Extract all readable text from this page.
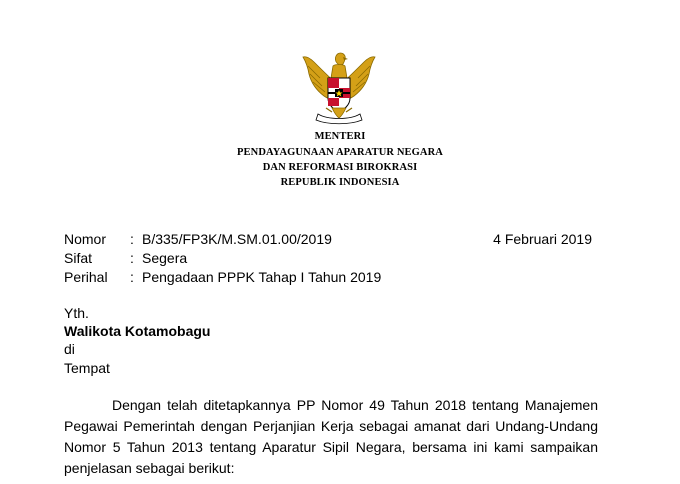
MENTERI
PENDAYAGUNAAN APARATUR NEGARA
DAN REFORMASI BIROKRASI
REPUBLIK INDONESIA
Nomor : B/335/FP3K/M.SM.01.00/2019	4 Februari 2019
Sifat	: Segera
Perihal : Pengadaan PPPK Tahap I Tahun 2019
Yth.
Walikota Kotamobagu
di
Tempat
Dengan telah ditetapkannya PP Nomor 49 Tahun 2018 tentang Manajemen
Pegawai Pemerintah dengan Perjanjian Kerja sebagai amanat dari Undang-Undang
Nomor 5 Tahun 2013 tentang Aparatur Sipil Negara, bersama ini kami sampaikan
penjelasan sebagai berikut:
